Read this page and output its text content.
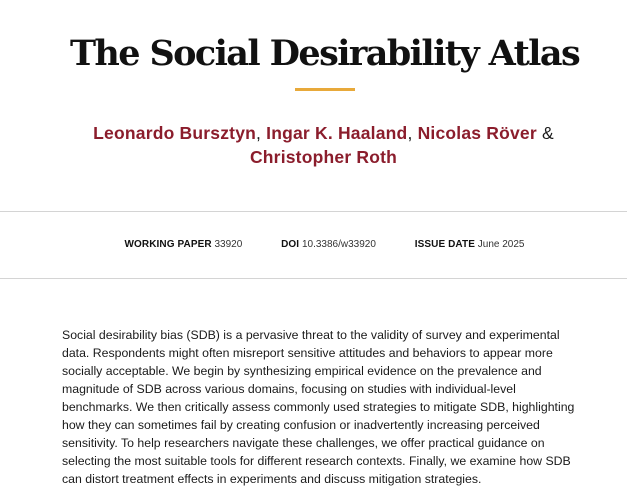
The Social Desirability Atlas
Leonardo Bursztyn, Ingar K. Haaland, Nicolas Röver &
Christopher Roth
WORKING PAPER 33920	DOI 10.3386/w33920	ISSUE DATE June 2025

Social desirability bias (SDB) is a pervasive threat to the validity of survey and experimental data. Respondents might often misreport sensitive attitudes and behaviors to appear more socially acceptable. We begin by synthesizing empirical evidence on the prevalence and magnitude of SDB across various domains, focusing on studies with individual-level benchmarks. We then critically assess commonly used strategies to mitigate SDB, highlighting how they can sometimes fail by creating confusion or inadvertently increasing perceived sensitivity. To help researchers navigate these challenges, we offer practical guidance on selecting the most suitable tools for different research contexts. Finally, we examine how SDB can distort treatment effects in experiments and discuss mitigation strategies.
